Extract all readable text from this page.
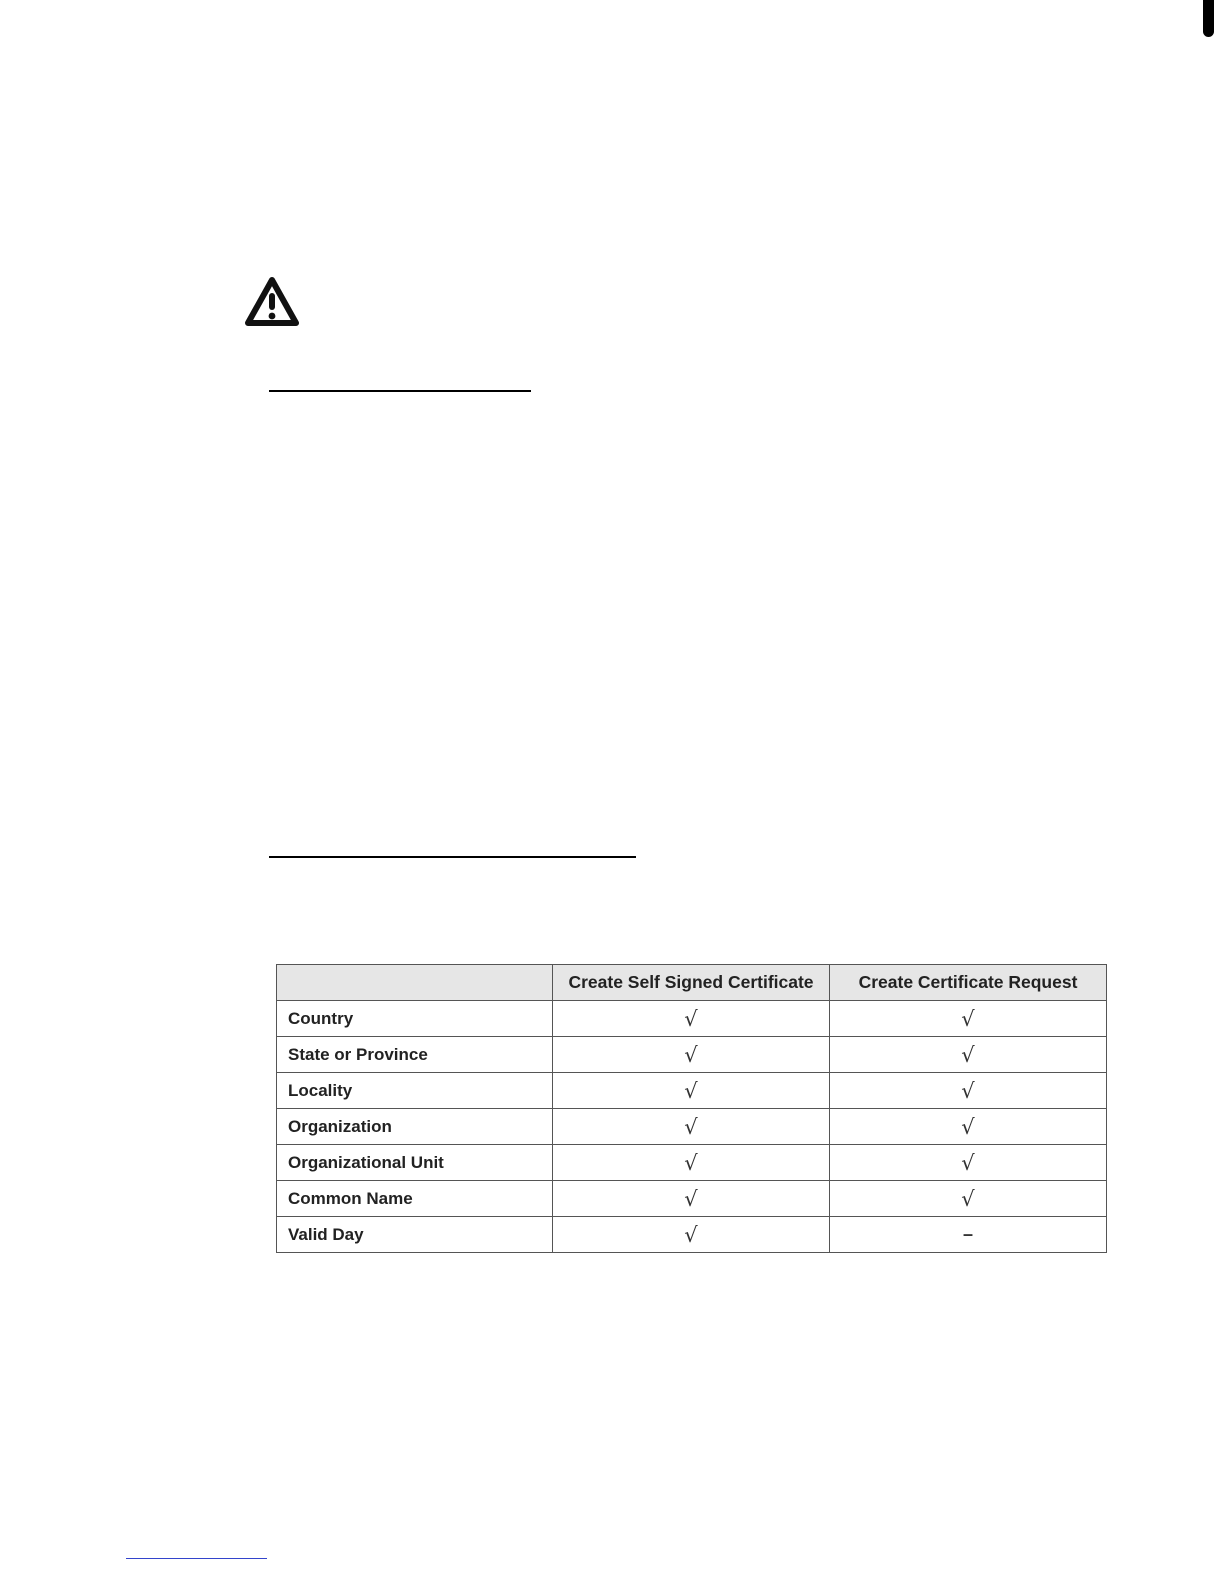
	Create Self Signed Certificate	Create Certificate Request
Country	√	√
State or Province	√	√
Locality	√	√
Organization	√	√
Organizational Unit	√	√
Common Name	√	√
Valid Day	√	–
